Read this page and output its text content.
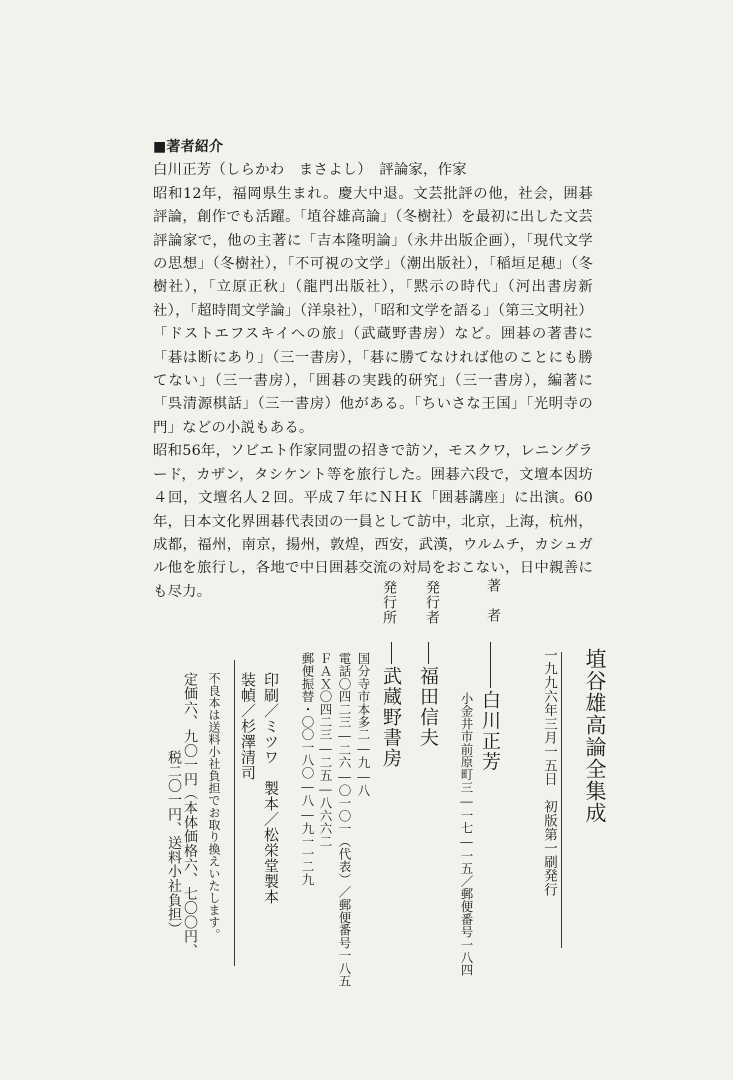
■著者紹介
白川正芳（しらかわ　まさよし）　評論家，作家

昭和12年，福岡県生まれ。慶大中退。文芸批評の他，社会，囲碁評論，創作でも活躍。「埴谷雄高論」（冬樹社）を最初に出した文芸評論家で，他の主著に「吉本隆明論」（永井出版企画），「現代文学の思想」（冬樹社），「不可視の文学」（潮出版社），「稲垣足穂」（冬樹社），「立原正秋」（龍門出版社），「黙示の時代」（河出書房新社），「超時間文学論」（洋泉社），「昭和文学を語る」（第三文明社）「ドストエフスキイへの旅」（武蔵野書房）など。囲碁の著書に「碁は断にあり」（三一書房），「碁に勝てなければ他のことにも勝てない」（三一書房），「囲碁の実践的研究」（三一書房），編著に「呉清源棋話」（三一書房）他がある。「ちいさな王国」「光明寺の門」などの小説もある。

昭和56年，ソビエト作家同盟の招きで訪ソ，モスクワ，レニングラード，カザン，タシケント等を旅行した。囲碁六段で，文壇本因坊４回，文壇名人２回。平成７年にＮＨＫ「囲碁講座」に出演。60年，日本文化界囲碁代表団の一員として訪中，北京，上海，杭州，成都，福州，南京，揚州，敦煌，西安，武漢，ウルムチ，カシュガル他を旅行し，各地で中日囲碁交流の対局をおこない，日中親善にも尽力。

埴谷雄高論全集成
一九九六年三月一五日　初版第一刷発行
著　者
白川正芳
小金井市前原町三―一七―一五／郵便番号一八四
発行者
福田信夫
発行所
武蔵野書房
国分寺市本多二―九―八
電話〇四二三―二六―〇一〇一（代表）／郵便番号一八五
ＦＡＸ〇四二三―二五―八六六二
郵便振替・〇〇一八〇―八―九一一二九
印刷／ミツワ　製本／松栄堂製本
装幀／杉澤清司
不良本は送料小社負担でお取り換えいたします。
定価六、九〇一円（本体価格六、七〇〇円、
税二〇一円、送料小社負担）
